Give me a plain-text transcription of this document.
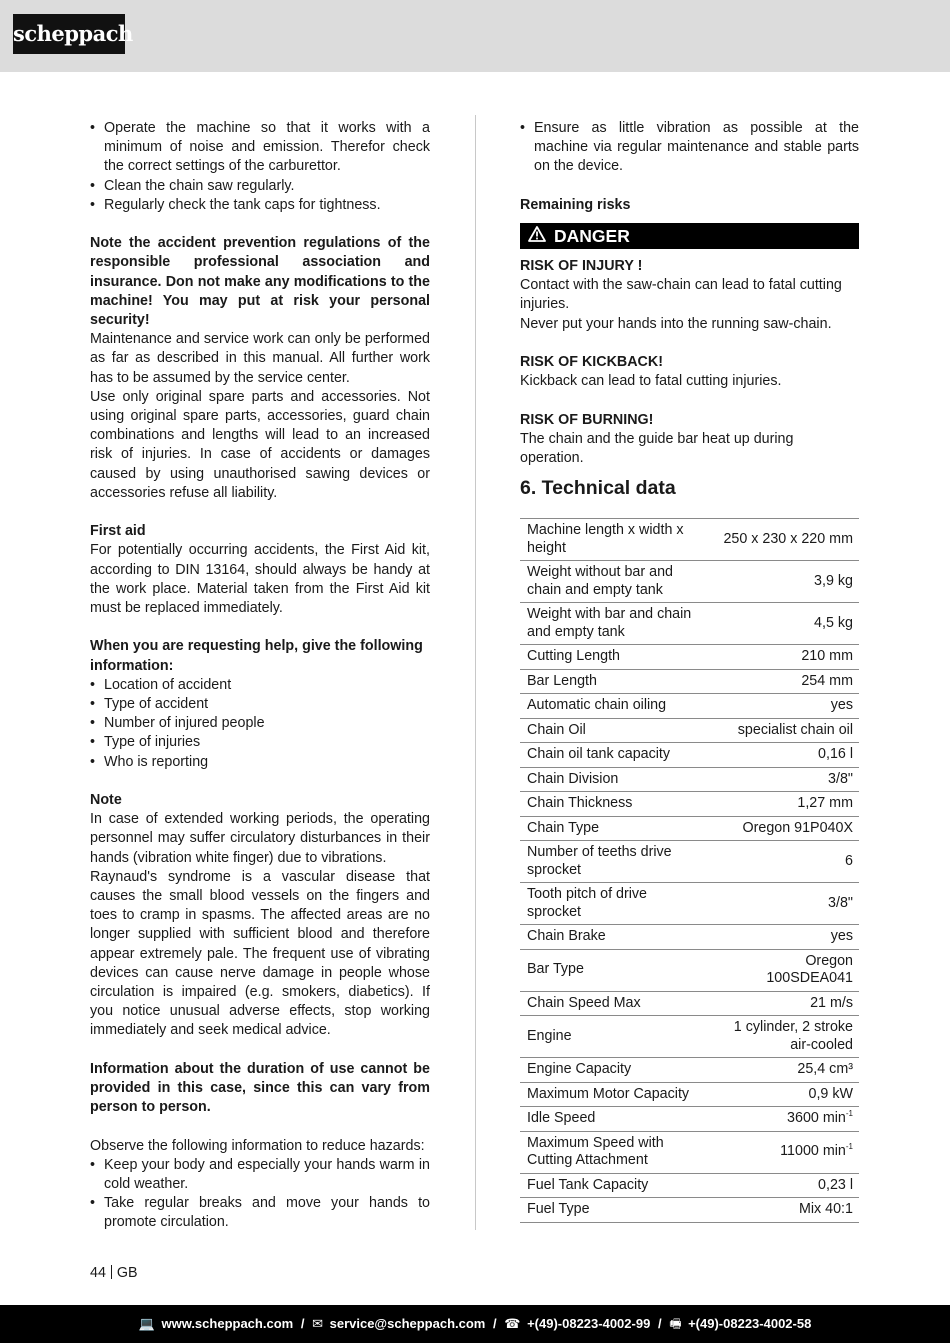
scheppach
• Operate the machine so that it works with a minimum of noise and emission. Therefor check the correct settings of the carburettor.
• Clean the chain saw regularly.
• Regularly check the tank caps for tightness.

Note the accident prevention regulations of the responsible professional association and insurance. Don not make any modifications to the machine! You may put at risk your personal security!

Maintenance and service work can only be performed as far as described in this manual. All further work has to be assumed by the service center.

Use only original spare parts and accessories. Not using original spare parts, accessories, guard chain combinations and lengths will lead to an increased risk of injuries. In case of accidents or damages caused by using unauthorised sawing devices or accessories refuse all liability.

First aid

For potentially occurring accidents, the First Aid kit, according to DIN 13164, should always be handy at the work place. Material taken from the First Aid kit must be replaced immediately.

When you are requesting help, give the following information:

• Location of accident
• Type of accident
• Number of injured people
• Type of injuries
• Who is reporting

Note

In case of extended working periods, the operating personnel may suffer circulatory disturbances in their hands (vibration white finger) due to vibrations.

Raynaud's syndrome is a vascular disease that causes the small blood vessels on the fingers and toes to cramp in spasms. The affected areas are no longer supplied with sufficient blood and therefore appear extremely pale. The frequent use of vibrating devices can cause nerve damage in people whose circulation is impaired (e.g. smokers, diabetics). If you notice unusual adverse effects, stop working immediately and seek medical advice.

Information about the duration of use cannot be provided in this case, since this can vary from person to person.

Observe the following information to reduce hazards:

• Keep your body and especially your hands warm in cold weather.
• Take regular breaks and move your hands to promote circulation.
• Ensure as little vibration as possible at the machine via regular maintenance and stable parts on the device.

Remaining risks

DANGER

RISK OF INJURY !

Contact with the saw-chain can lead to fatal cutting injuries.

Never put your hands into the running saw-chain.

RISK OF KICKBACK!

Kickback can lead to fatal cutting injuries.

RISK OF BURNING!

The chain and the guide bar heat up during operation.

6. Technical data
Machine length x width x height	250 x 230 x 220 mm
Weight without bar and chain and empty tank	3,9 kg
Weight with bar and chain and empty tank	4,5 kg
Cutting Length	210 mm
Bar Length	254 mm
Automatic chain oiling	yes
Chain Oil	specialist chain oil
Chain oil tank capacity	0,16 l
Chain Division	3/8"
Chain Thickness	1,27 mm
Chain Type	Oregon 91P040X
Number of teeths drive sprocket	6
Tooth pitch of drive sprocket	3/8"
Chain Brake	yes
Bar Type	Oregon 100SDEA041
Chain Speed Max	21 m/s
Engine	1 cylinder, 2 stroke air-cooled
Engine Capacity	25,4 cm³
Maximum Motor Capacity	0,9 kW
Idle Speed	3600 $\min^{-1}$
Maximum Speed with Cutting Attachment	11000 $\min^{-1}$
Fuel Tank Capacity	0,23 l
Fuel Type	Mix 40:1
44 GB
💻 www.scheppach.com / ✉ service@scheppach.com / ☎ +(49)-08223-4002-99 / 🖷 +(49)-08223-4002-58
